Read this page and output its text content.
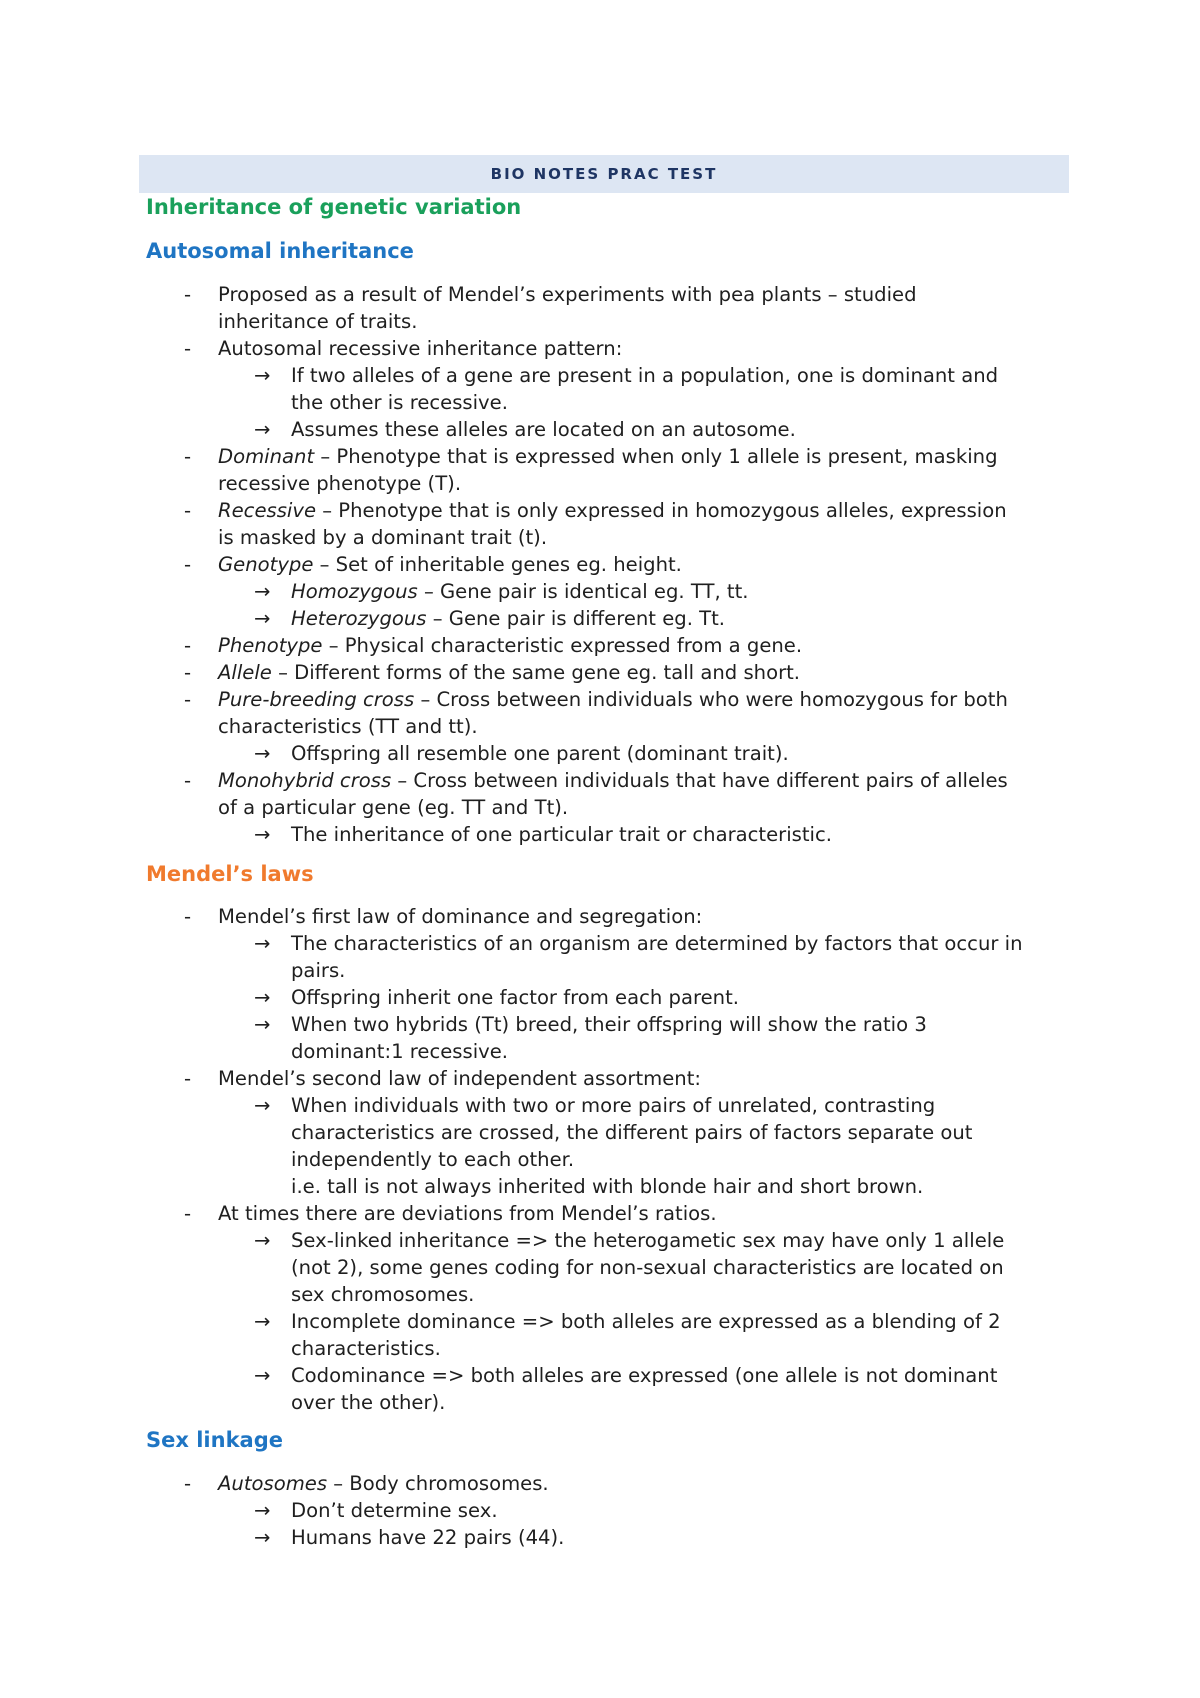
BIO NOTES PRAC TEST
Inheritance of genetic variation
Autosomal inheritance
- Proposed as a result of Mendel’s experiments with pea plants – studied
inheritance of traits.
- Autosomal recessive inheritance pattern:
→ If two alleles of a gene are present in a population, one is dominant and
the other is recessive.
→ Assumes these alleles are located on an autosome.
- Dominant – Phenotype that is expressed when only 1 allele is present, masking
recessive phenotype (T).
- Recessive – Phenotype that is only expressed in homozygous alleles, expression
is masked by a dominant trait (t).
- Genotype – Set of inheritable genes eg. height.
→ Homozygous – Gene pair is identical eg. TT, tt.
→ Heterozygous – Gene pair is different eg. Tt.
- Phenotype – Physical characteristic expressed from a gene.
- Allele – Different forms of the same gene eg. tall and short.
- Pure-breeding cross – Cross between individuals who were homozygous for both
characteristics (TT and tt).
→ Offspring all resemble one parent (dominant trait).
- Monohybrid cross – Cross between individuals that have different pairs of alleles
of a particular gene (eg. TT and Tt).
→ The inheritance of one particular trait or characteristic.
Mendel’s laws
- Mendel’s first law of dominance and segregation:
→ The characteristics of an organism are determined by factors that occur in
pairs.
→ Offspring inherit one factor from each parent.
→ When two hybrids (Tt) breed, their offspring will show the ratio 3
dominant:1 recessive.
- Mendel’s second law of independent assortment:
→ When individuals with two or more pairs of unrelated, contrasting
characteristics are crossed, the different pairs of factors separate out
independently to each other.
i.e. tall is not always inherited with blonde hair and short brown.
- At times there are deviations from Mendel’s ratios.
→ Sex-linked inheritance => the heterogametic sex may have only 1 allele
(not 2), some genes coding for non-sexual characteristics are located on
sex chromosomes.
→ Incomplete dominance => both alleles are expressed as a blending of 2
characteristics.
→ Codominance => both alleles are expressed (one allele is not dominant
over the other).
Sex linkage
- Autosomes – Body chromosomes.
→ Don’t determine sex.
→ Humans have 22 pairs (44).
